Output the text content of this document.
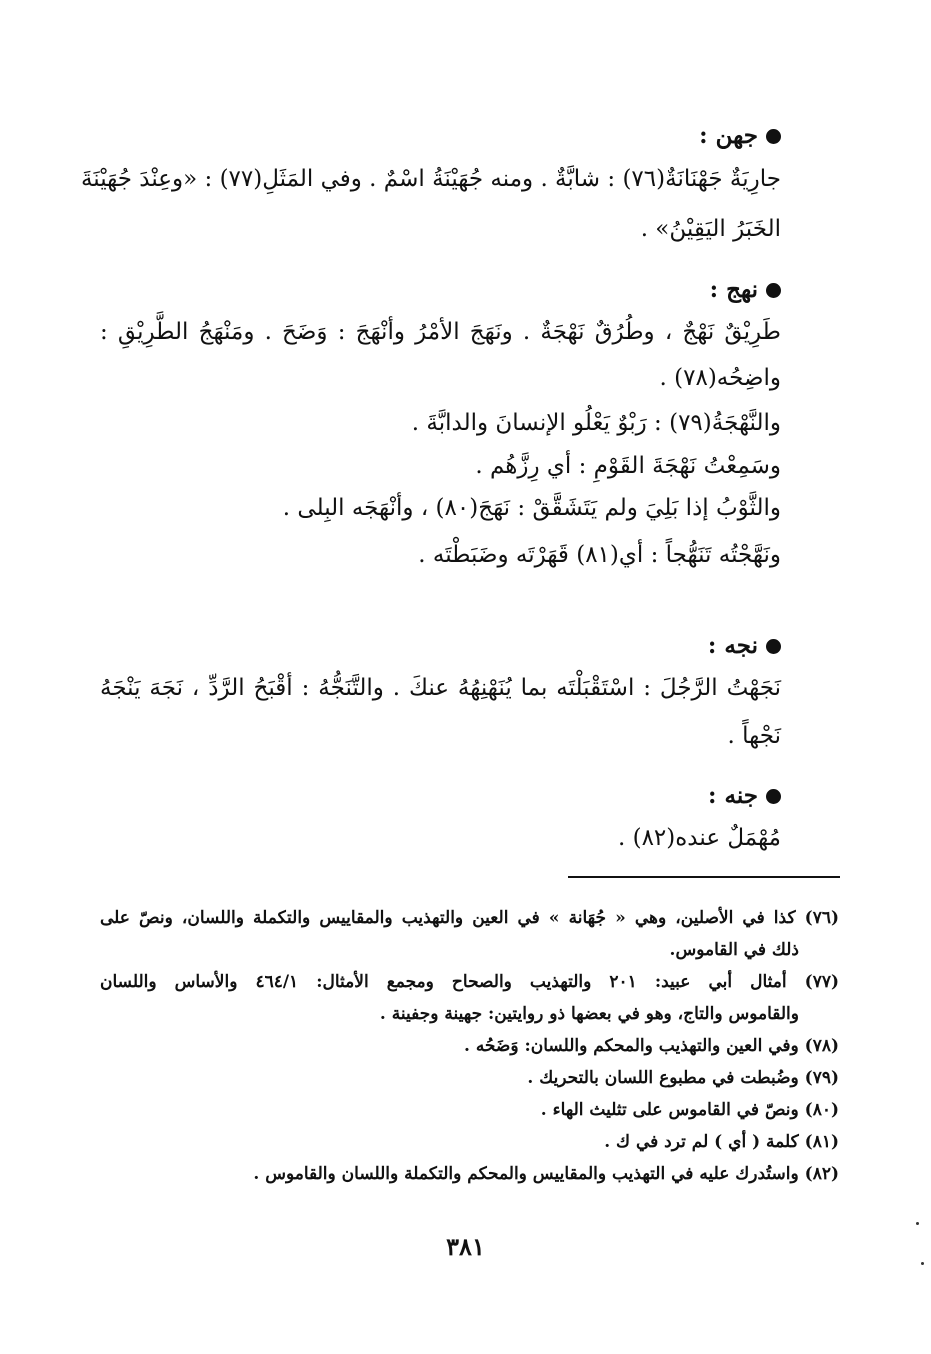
جهن :
جارِيَةٌ جَهْنَانَةٌ(٧٦) : شابَّةٌ . ومنه جُهَيْنَةُ اسْمٌ . وفي المَثَلِ(٧٧) : «وعِنْدَ جُهَيْنَةَ
الخَبَرُ اليَقِيْنُ» .
نهج :
طَرِيْقٌ نَهْجٌ ، وطُرُقٌ نَهْجَةٌ . ونَهَجَ الأمْرُ وأنْهَجَ : وَضَحَ . ومَنْهَجُ الطَّرِيْقِ :
واضِحُه(٧٨) .
والنَّهْجَةُ(٧٩) : رَبْوٌ يَعْلُو الإنسانَ والدابَّةَ .
وسَمِعْتُ نَهْجَةَ القَوْمِ : أي رِزَّهُم .
والثَّوْبُ إذا بَلِيَ ولم يَتَشَقَّقْ : نَهَجَ(٨٠) ، وأنْهَجَه البِلى .
ونَهَّجْتُه تَنَهُّجاً : أي(٨١) قَهَرْتَه وضَبَطْتَه .
نجه :
نَجَهْتُ الرَّجُلَ : اسْتَقْبَلْتَه بما يُنَهْنِهُهُ عنكَ . والتَّنَجُّهُ : أقْبَحُ الرَّدِّ ، نَجَهَ يَنْجَهُ
نَجْهاً .
جنه :
مُهْمَلٌ عنده(٨٢) .
(٧٦) كذا في الأصلين، وهي « جُهَانة » في العين والتهذيب والمقاييس والتكملة واللسان، ونصّ على
ذلك في القاموس.
(٧٧) أمثال أبي عبيد: ٢٠١ والتهذيب والصحاح ومجمع الأمثال: ٤٦٤/١ والأساس واللسان
والقاموس والتاج، وهو في بعضها ذو روايتين: جهينة وجفينة .
(٧٨) وفي العين والتهذيب والمحكم واللسان: وَضَحُه .
(٧٩) وضُبطت في مطبوع اللسان بالتحريك .
(٨٠) ونصّ في القاموس على تثليث الهاء .
(٨١) كلمة ( أي ) لم ترد في ك .
(٨٢) واستُدرك عليه في التهذيب والمقاييس والمحكم والتكملة واللسان والقاموس .
٣٨١
